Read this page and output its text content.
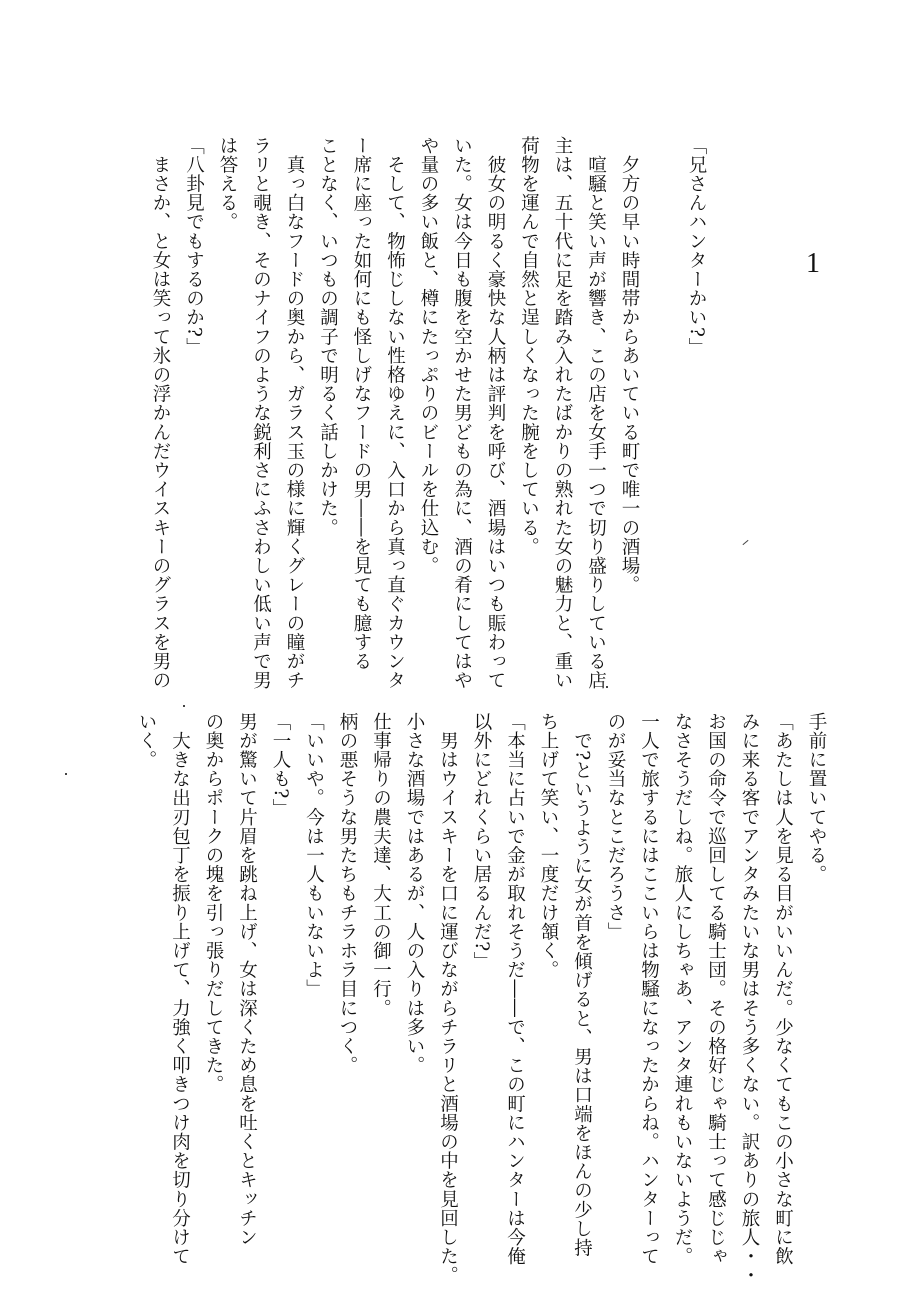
1
「兄さんハンターかい?」

　夕方の早い時間帯からあいている町で唯一の酒場。
　喧騒と笑い声が響き、この店を女手一つで切り盛りしている店
主は、五十代に足を踏み入れたばかりの熟れた女の魅力と、重い
荷物を運んで自然と逞しくなった腕をしている。
　彼女の明るく豪快な人柄は評判を呼び、酒場はいつも賑わって
いた。女は今日も腹を空かせた男どもの為に、酒の肴にしてはや
や量の多い飯と、樽にたっぷりのビールを仕込む。
　そして、物怖じしない性格ゆえに、入口から真っ直ぐカウンタ
ー席に座った如何にも怪しげなフードの男――を見ても臆する
ことなく、いつもの調子で明るく話しかけた。
　真っ白なフードの奥から、ガラス玉の様に輝くグレーの瞳がチ
ラリと覗き、そのナイフのような鋭利さにふさわしい低い声で男
は答える。
「八卦見でもするのか?」
　まさか、と女は笑って氷の浮かんだウイスキーのグラスを男の
手前に置いてやる。
「あたしは人を見る目がいいんだ。少なくてもこの小さな町に飲
みに来る客でアンタみたいな男はそう多くない。訳ありの旅人・・
お国の命令で巡回してる騎士団。その格好じゃ騎士って感じじゃ
なさそうだしね。旅人にしちゃあ、アンタ連れもいないようだ。
一人で旅するにはここいらは物騒になったからね。ハンターって
のが妥当なとこだろうさ」
　で?というように女が首を傾げると、男は口端をほんの少し持
ち上げて笑い、一度だけ頷く。
「本当に占いで金が取れそうだ――で、この町にハンターは今俺
以外にどれくらい居るんだ?」
　男はウイスキーを口に運びながらチラリと酒場の中を見回した。
小さな酒場ではあるが、人の入りは多い。
仕事帰りの農夫達、大工の御一行。
柄の悪そうな男たちもチラホラ目につく。
「いいや。今は一人もいないよ」
「一人も?」
男が驚いて片眉を跳ね上げ、女は深くため息を吐くとキッチン
の奥からポークの塊を引っ張りだしてきた。
　大きな出刃包丁を振り上げて、力強く叩きつけ肉を切り分けて
いく。
